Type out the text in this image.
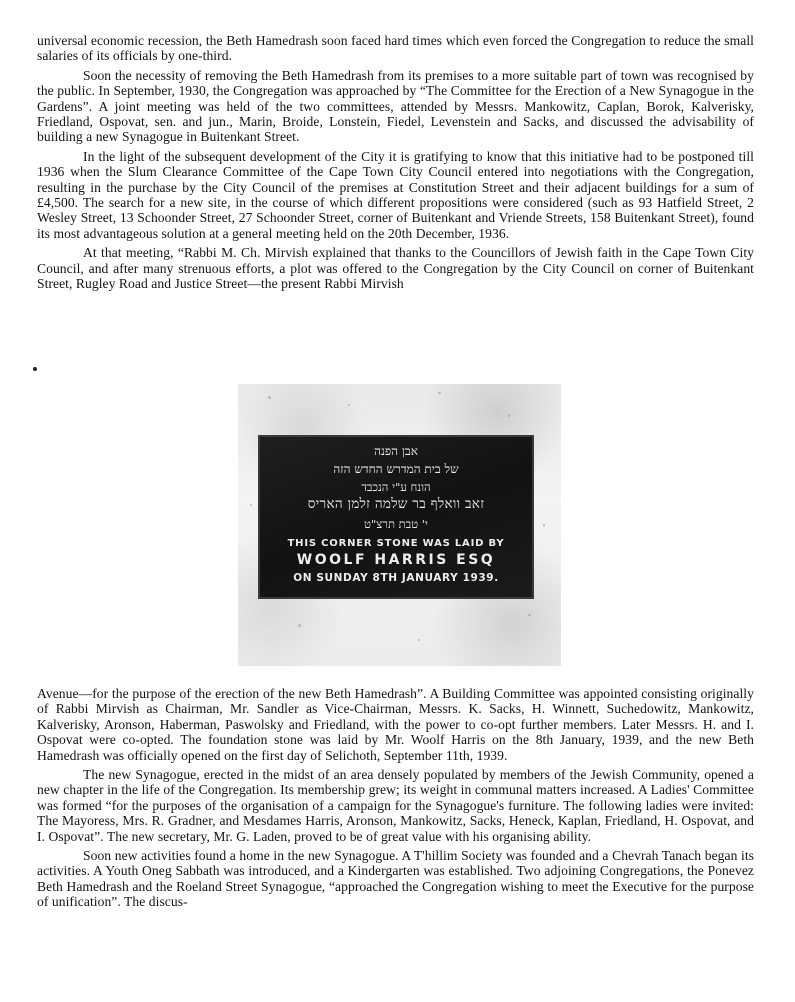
universal economic recession, the Beth Hamedrash soon faced hard times which even forced the Congregation to reduce the small salaries of its officials by one-third.

Soon the necessity of removing the Beth Hamedrash from its premises to a more suitable part of town was recognised by the public. In September, 1930, the Congregation was approached by “The Committee for the Erection of a New Synagogue in the Gardens”. A joint meeting was held of the two committees, attended by Messrs. Mankowitz, Caplan, Borok, Kalverisky, Friedland, Ospovat, sen. and jun., Marin, Broide, Lonstein, Fiedel, Levenstein and Sacks, and discussed the advisability of building a new Synagogue in Buitenkant Street.

In the light of the subsequent development of the City it is gratifying to know that this initiative had to be postponed till 1936 when the Slum Clearance Committee of the Cape Town City Council entered into negotiations with the Congregation, resulting in the purchase by the City Council of the premises at Constitution Street and their adjacent buildings for a sum of £4,500. The search for a new site, in the course of which different propositions were considered (such as 93 Hatfield Street, 2 Wesley Street, 13 Schoonder Street, 27 Schoonder Street, corner of Buitenkant and Vriende Streets, 158 Buitenkant Street), found its most advantageous solution at a general meeting held on the 20th December, 1936.

At that meeting, “Rabbi M. Ch. Mirvish explained that thanks to the Councillors of Jewish faith in the Cape Town City Council, and after many strenuous efforts, a plot was offered to the Congregation by the City Council on corner of Buitenkant Street, Rugley Road and Justice Street—the present Rabbi Mirvish

אבן הפנה
של בית המדרש החדש הזה
הונח ע"י הנכבד
זאב וואלף בר שלמה זלמן האריס
י' טבת תרצ"ט
THIS CORNER STONE WAS LAID BY
WOOLF HARRIS ESQ
ON SUNDAY 8TH JANUARY 1939.

Avenue—for the purpose of the erection of the new Beth Hamedrash”. A Building Committee was appointed consisting originally of Rabbi Mirvish as Chairman, Mr. Sandler as Vice-Chairman, Messrs. K. Sacks, H. Winnett, Suchedowitz, Mankowitz, Kalverisky, Aronson, Haberman, Paswolsky and Friedland, with the power to co-opt further members. Later Messrs. H. and I. Ospovat were co-opted. The foundation stone was laid by Mr. Woolf Harris on the 8th January, 1939, and the new Beth Hamedrash was officially opened on the first day of Selichoth, September 11th, 1939.

The new Synagogue, erected in the midst of an area densely populated by members of the Jewish Community, opened a new chapter in the life of the Congregation. Its membership grew; its weight in communal matters increased. A Ladies' Committee was formed “for the purposes of the organisation of a campaign for the Synagogue's furniture. The following ladies were invited: The Mayoress, Mrs. R. Gradner, and Mesdames Harris, Aronson, Mankowitz, Sacks, Heneck, Kaplan, Friedland, H. Ospovat, and I. Ospovat”. The new secretary, Mr. G. Laden, proved to be of great value with his organising ability.

Soon new activities found a home in the new Synagogue. A T'hillim Society was founded and a Chevrah Tanach began its activities. A Youth Oneg Sabbath was introduced, and a Kindergarten was established. Two adjoining Congregations, the Ponevez Beth Hamedrash and the Roeland Street Synagogue, “approached the Congregation wishing to meet the Executive for the purpose of unification”. The discus-
